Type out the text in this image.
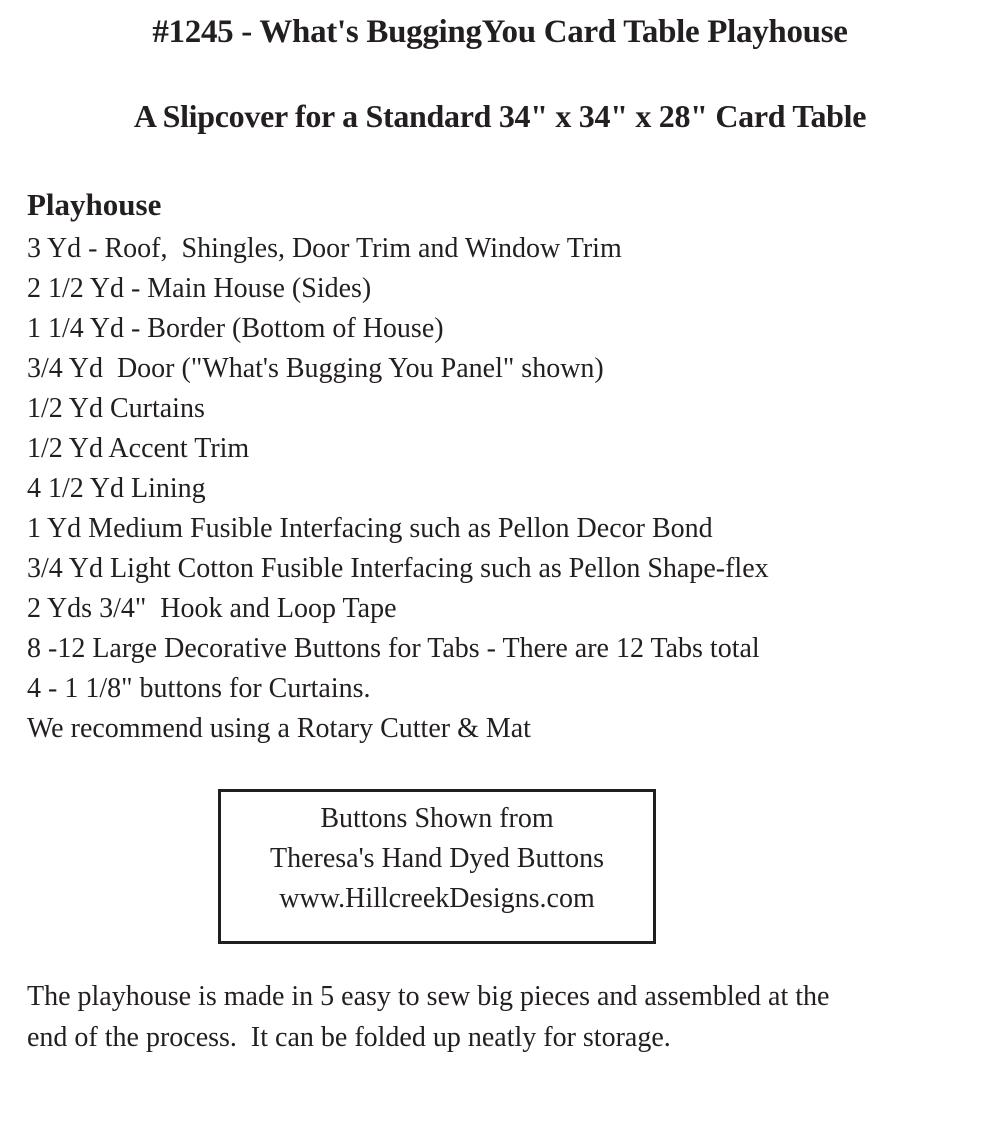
#1245 - What's BuggingYou Card Table Playhouse
A Slipcover for a Standard 34" x 34" x 28" Card Table
Playhouse
3 Yd - Roof,  Shingles, Door Trim and Window Trim
2 1/2 Yd - Main House (Sides)
1 1/4 Yd - Border (Bottom of House)
3/4 Yd  Door ("What's Bugging You Panel" shown)
1/2 Yd Curtains
1/2 Yd Accent Trim
4 1/2 Yd Lining
1 Yd Medium Fusible Interfacing such as Pellon Decor Bond
3/4 Yd Light Cotton Fusible Interfacing such as Pellon Shape-flex
2 Yds 3/4"  Hook and Loop Tape
8 -12 Large Decorative Buttons for Tabs - There are 12 Tabs total
4 - 1 1/8" buttons for Curtains.
We recommend using a Rotary Cutter & Mat
Buttons Shown from
Theresa's Hand Dyed Buttons
www.HillcreekDesigns.com
The playhouse is made in 5 easy to sew big pieces and assembled at the
end of the process.  It can be folded up neatly for storage.
